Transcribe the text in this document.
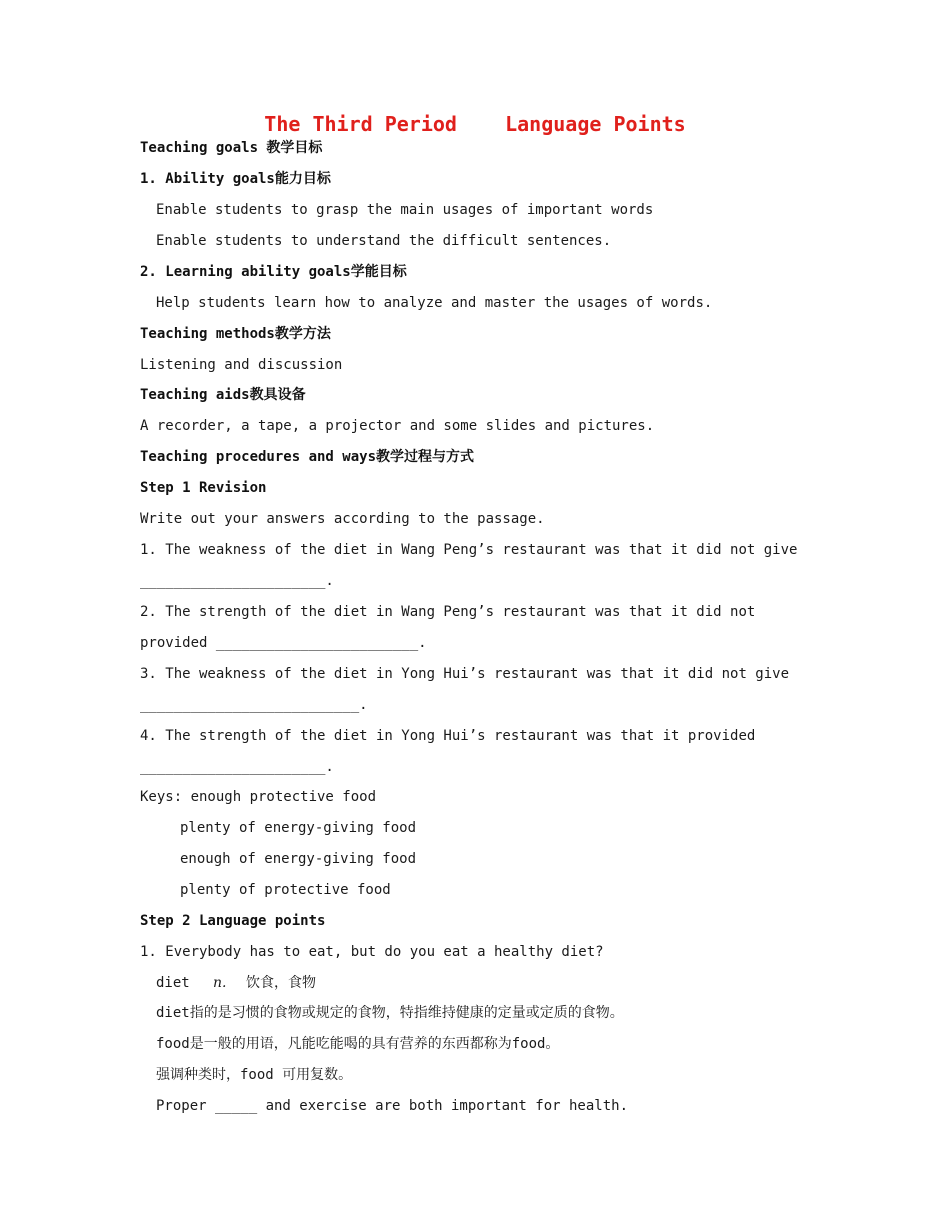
The Third Period    Language Points
Teaching goals 教学目标
1. Ability goals能力目标
Enable students to grasp the main usages of important words
Enable students to understand the difficult sentences.
2. Learning ability goals学能目标
Help students learn how to analyze and master the usages of words.
Teaching methods教学方法
Listening and discussion
Teaching aids教具设备
A recorder, a tape, a projector and some slides and pictures.
Teaching procedures and ways教学过程与方式
Step 1 Revision
Write out your answers according to the passage.
1. The weakness of the diet in Wang Peng’s restaurant was that it did not give
______________________.
2. The strength of the diet in Wang Peng’s restaurant was that it did not
provided ________________________.
3. The weakness of the diet in Yong Hui’s restaurant was that it did not give
__________________________.
4. The strength of the diet in Yong Hui’s restaurant was that it provided
______________________.
Keys: enough protective food
plenty of energy-giving food
enough of energy-giving food
plenty of protective food
Step 2 Language points
1. Everybody has to eat, but do you eat a healthy diet?
diet n. 饮食，食物
diet指的是习惯的食物或规定的食物，特指维持健康的定量或定质的食物。
food是一般的用语，凡能吃能喝的具有营养的东西都称为food。
强调种类时，food 可用复数。
Proper _____ and exercise are both important for health.
